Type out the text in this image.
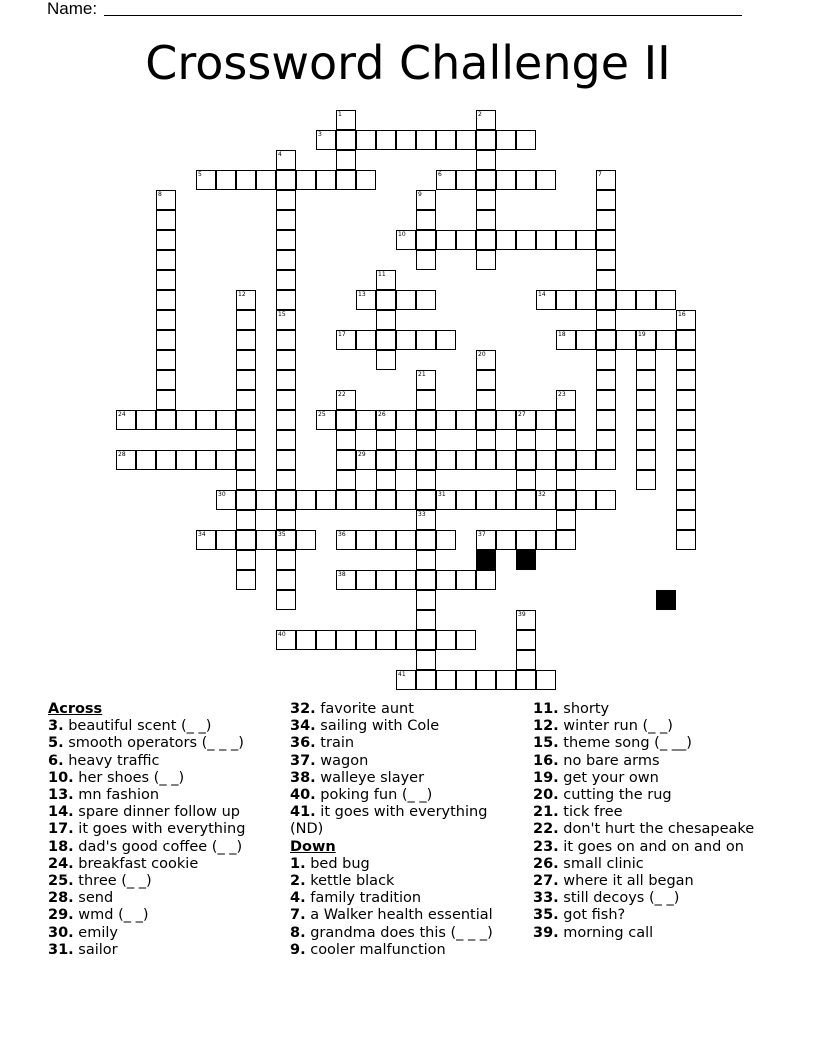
Name:
Crossword Challenge II
1	2
3
4
5	6	7
8	9
10
11
12	13	14
15
35
16
17	18	19
20
21
22	23
24	25	26	27
28	29
30	31	32
33
34	36	37
38
39
40
41
Across
3. beautiful scent (_ _)
5. smooth operators (_ _ _)
6. heavy traffic
10. her shoes (_ _)
13. mn fashion
14. spare dinner follow up
17. it goes with everything
18. dad's good coffee (_ _)
24. breakfast cookie
25. three (_ _)
28. send
29. wmd (_ _)
30. emily
31. sailor
32. favorite aunt
34. sailing with Cole
36. train
37. wagon
38. walleye slayer
40. poking fun (_ _)
41. it goes with everything (ND)
Down
1. bed bug
2. kettle black
4. family tradition
7. a Walker health essential
8. grandma does this (_ _ _)
9. cooler malfunction
11. shorty
12. winter run (_ _)
15. theme song (_ __)
16. no bare arms
19. get your own
20. cutting the rug
21. tick free
22. don't hurt the chesapeake
23. it goes on and on and on
26. small clinic
27. where it all began
33. still decoys (_ _)
35. got fish?
39. morning call
